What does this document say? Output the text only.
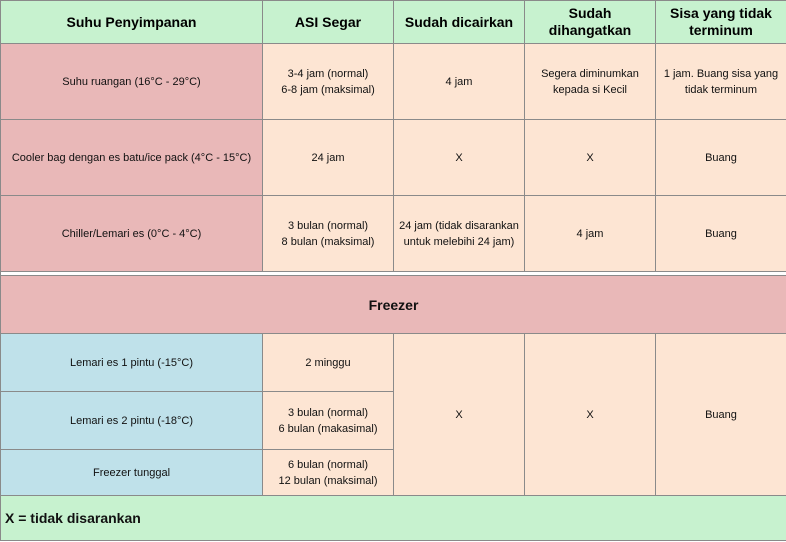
Suhu Penyimpanan	ASI Segar	Sudah dicairkan	Sudah
dihangatkan	Sisa yang tidak
terminum
Suhu ruangan (16°C - 29°C)	3-4 jam (normal)
6-8 jam (maksimal)	4 jam	Segera diminumkan
kepada si Kecil	1 jam. Buang sisa yang
tidak terminum
Cooler bag dengan es batu/ice pack (4°C - 15°C)	24 jam	X	X	Buang
Chiller/Lemari es (0°C - 4°C)	3 bulan (normal)
8 bulan (maksimal)	24 jam (tidak disarankan
untuk melebihi 24 jam)	4 jam	Buang

Freezer				
Lemari es 1 pintu (-15°C)	2 minggu	X	X	Buang
Lemari es 2 pintu (-18°C)	3 bulan (normal)
6 bulan (makasimal)			
Freezer tunggal	6 bulan (normal)
12 bulan (maksimal)			
X = tidak disarankan				
